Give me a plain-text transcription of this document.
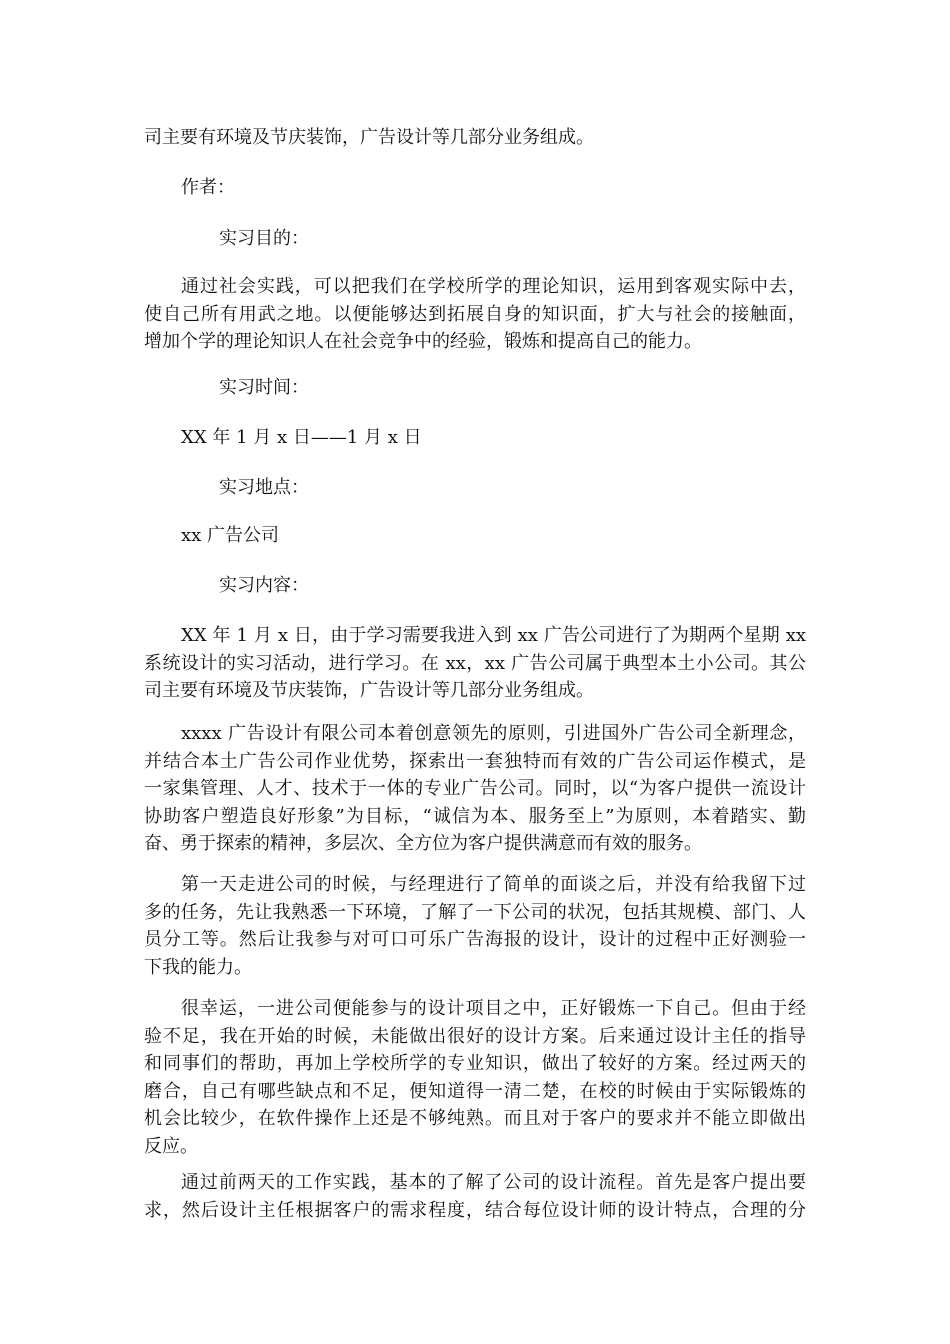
司主要有环境及节庆装饰，广告设计等几部分业务组成。
作者：
实习目的：
通过社会实践，可以把我们在学校所学的理论知识，运用到客观实际中去，
使自己所有用武之地。以便能够达到拓展自身的知识面，扩大与社会的接触面，
增加个学的理论知识人在社会竞争中的经验，锻炼和提高自己的能力。
实习时间：
XX 年 1 月 x 日——1 月 x 日
实习地点：
xx 广告公司
实习内容：
XX 年 1 月 x 日，由于学习需要我进入到 xx 广告公司进行了为期两个星期 xx
系统设计的实习活动，进行学习。在 xx，xx 广告公司属于典型本土小公司。其公
司主要有环境及节庆装饰，广告设计等几部分业务组成。
xxxx 广告设计有限公司本着创意领先的原则，引进国外广告公司全新理念，
并结合本土广告公司作业优势，探索出一套独特而有效的广告公司运作模式，是
一家集管理、人才、技术于一体的专业广告公司。同时，以“为客户提供一流设计
协助客户塑造良好形象”为目标，“诚信为本、服务至上”为原则，本着踏实、勤
奋、勇于探索的精神，多层次、全方位为客户提供满意而有效的服务。
第一天走进公司的时候，与经理进行了简单的面谈之后，并没有给我留下过
多的任务，先让我熟悉一下环境，了解了一下公司的状况，包括其规模、部门、人
员分工等。然后让我参与对可口可乐广告海报的设计，设计的过程中正好测验一
下我的能力。
很幸运，一进公司便能参与的设计项目之中，正好锻炼一下自己。但由于经
验不足，我在开始的时候，未能做出很好的设计方案。后来通过设计主任的指导
和同事们的帮助，再加上学校所学的专业知识，做出了较好的方案。经过两天的
磨合，自己有哪些缺点和不足，便知道得一清二楚，在校的时候由于实际锻炼的
机会比较少，在软件操作上还是不够纯熟。而且对于客户的要求并不能立即做出
反应。
通过前两天的工作实践，基本的了解了公司的设计流程。首先是客户提出要
求，然后设计主任根据客户的需求程度，结合每位设计师的设计特点，合理的分
